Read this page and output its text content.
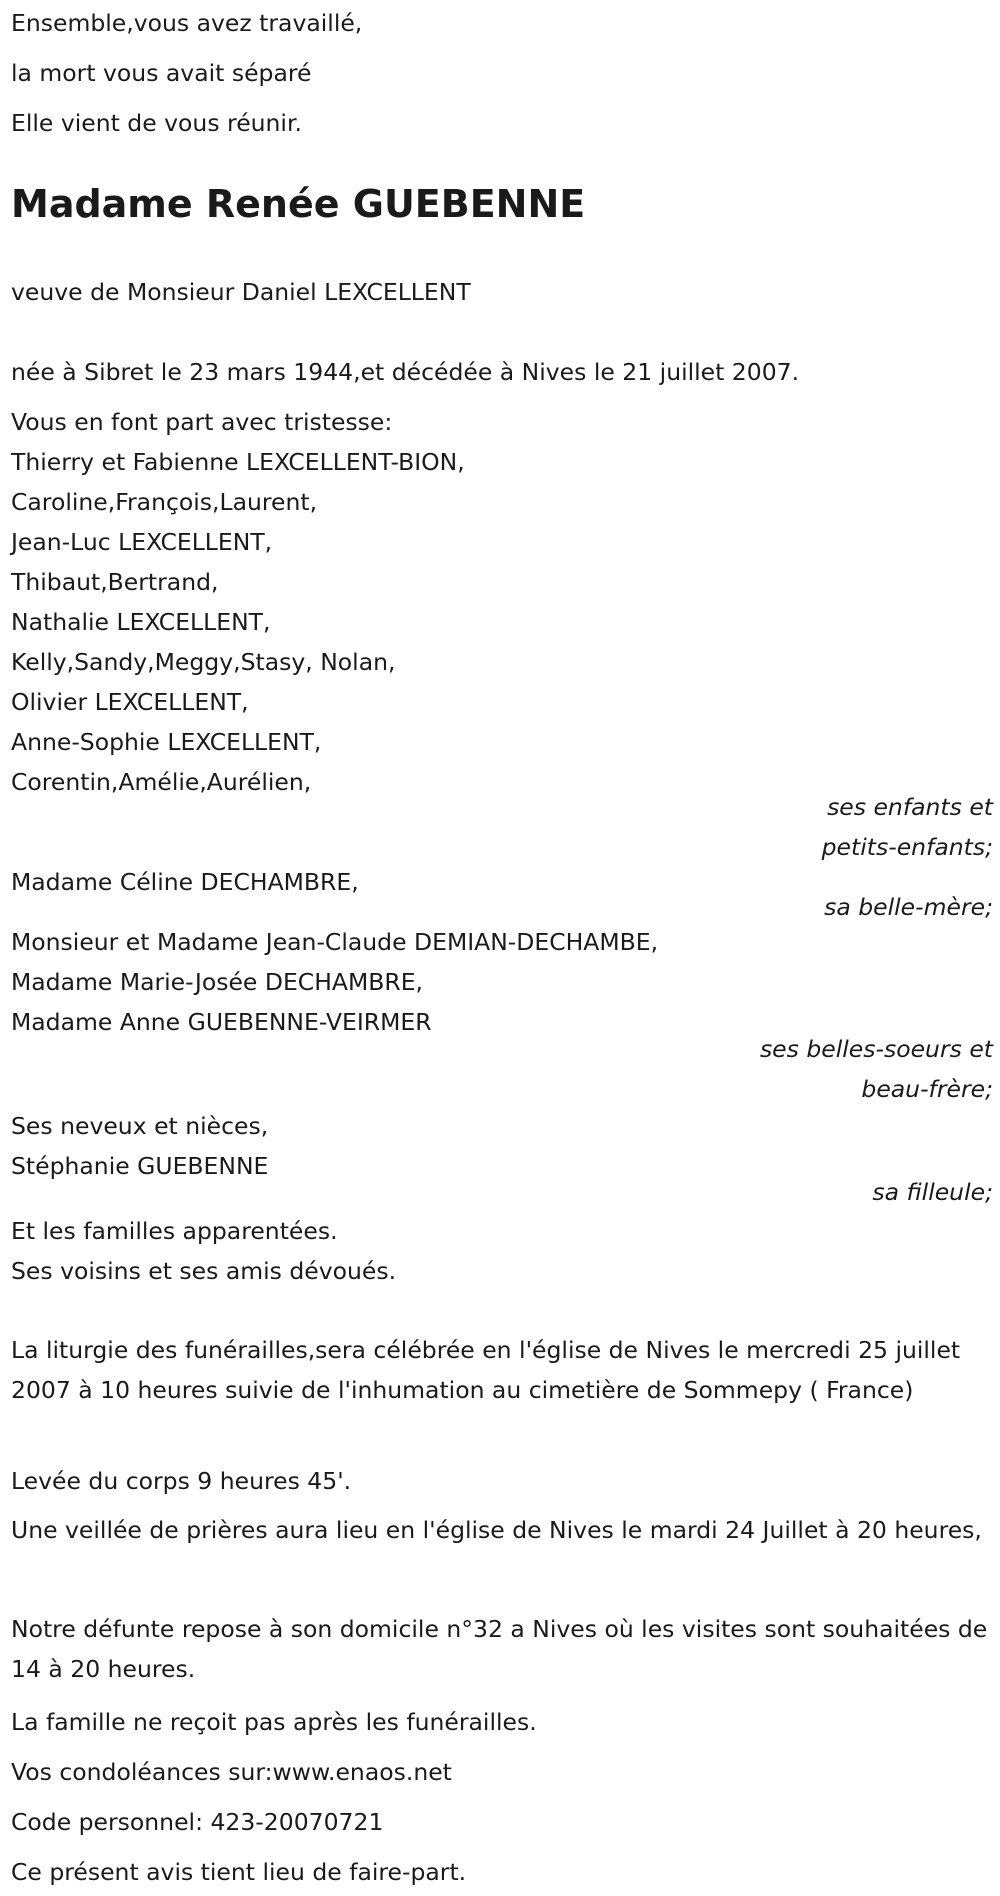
Ensemble,vous avez travaillé,
la mort vous avait séparé
Elle vient de vous réunir.
Madame Renée GUEBENNE
veuve de Monsieur Daniel LEXCELLENT
née à Sibret le 23 mars 1944,et décédée à Nives le 21 juillet 2007.
Vous en font part avec tristesse:
Thierry et Fabienne LEXCELLENT-BION,
Caroline,François,Laurent,
Jean-Luc LEXCELLENT,
Thibaut,Bertrand,
Nathalie LEXCELLENT,
Kelly,Sandy,Meggy,Stasy, Nolan,
Olivier LEXCELLENT,
Anne-Sophie LEXCELLENT,
Corentin,Amélie,Aurélien,
ses enfants et
petits-enfants;
Madame Céline DECHAMBRE,
sa belle-mère;
Monsieur et Madame Jean-Claude DEMIAN-DECHAMBE,
Madame Marie-Josée DECHAMBRE,
Madame Anne GUEBENNE-VEIRMER
ses belles-soeurs et
beau-frère;
Ses neveux et nièces,
Stéphanie GUEBENNE
sa filleule;
Et les familles apparentées.
Ses voisins et ses amis dévoués.
La liturgie des funérailles,sera célébrée en l'église de Nives le mercredi 25 juillet 2007 à 10 heures suivie de l'inhumation au cimetière de Sommepy ( France)
Levée du corps 9 heures 45'.
Une veillée de prières aura lieu en l'église de Nives le mardi 24 Juillet à 20 heures,
Notre défunte repose à son domicile n°32 a Nives où les visites sont souhaitées de 14 à 20 heures.
La famille ne reçoit pas après les funérailles.
Vos condoléances sur:www.enaos.net
Code personnel: 423-20070721
Ce présent avis tient lieu de faire-part.
